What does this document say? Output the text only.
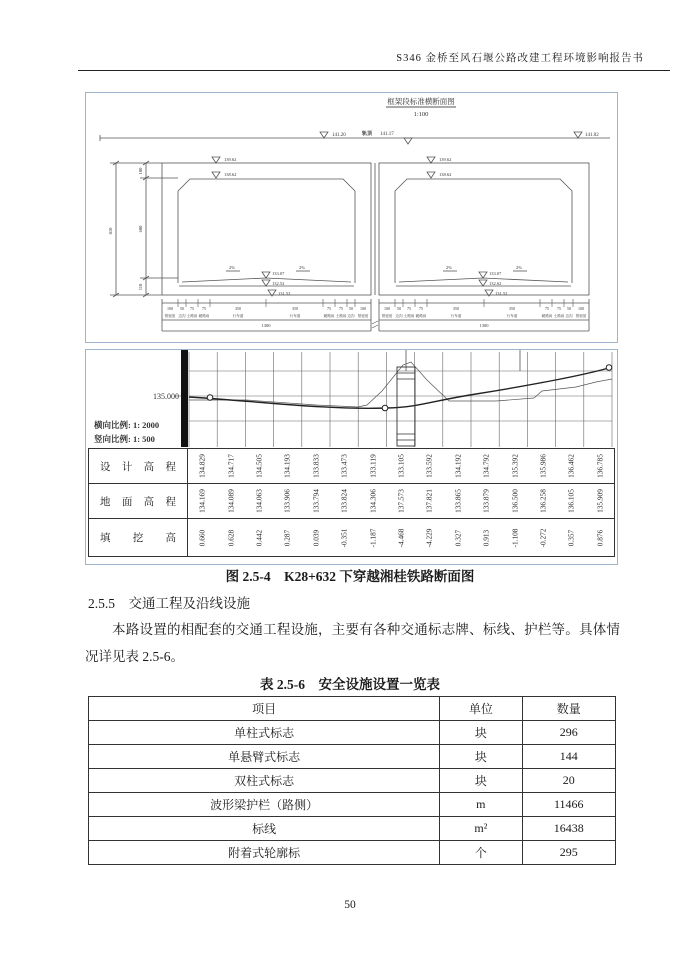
S346 金桥至风石堰公路改建工程环境影响报告书
框架段标准横断面图
1:100
141.20	轨顶 141.17	141.02
139.62	139.62
138.62	138.62
2%	2%	2%	2%
133.07	133.07
132.52	132.62
131.52	131.52
810
100
600
110
100 50 75 75	350	350	75 75 50 100
预留宽 边沟 土路肩 硬路肩	行车道	行车道	硬路肩 土路肩 边沟 预留宽
100 50 75 75	350	350	75 75 50 100
预留宽 边沟 土路肩 硬路肩	行车道	行车道	硬路肩 土路肩 边沟 预留宽
1300	1300
135.000
横向比例: 1: 2000
竖向比例: 1: 500
设计高程	134.829	134.717	134.505	134.193	133.833	133.473	133.119	133.105	133.592	134.192	134.792	135.392	135.986	136.462	136.785
地面高程	134.169	134.089	134.063	133.906	133.794	133.824	134.306	137.573	137.821	133.865	133.879	136.500	136.258	136.105	135.909
填挖高	0.660	0.628	0.442	0.287	0.039	-0.351	-1.187	-4.468	-4.229	0.327	0.913	-1.108	-0.272	0.357	0.876
图 2.5-4　K28+632 下穿越湘桂铁路断面图
2.5.5　交通工程及沿线设施
本路设置的相配套的交通工程设施，主要有各种交通标志牌、标线、护栏等。具体情况详见表 2.5-6。
表 2.5-6　安全设施设置一览表
项目	单位	数量
单柱式标志	块	296
单悬臂式标志	块	144
双柱式标志	块	20
波形梁护栏（路侧）	m	11466
标线	m²	16438
附着式轮廓标	个	295
50
